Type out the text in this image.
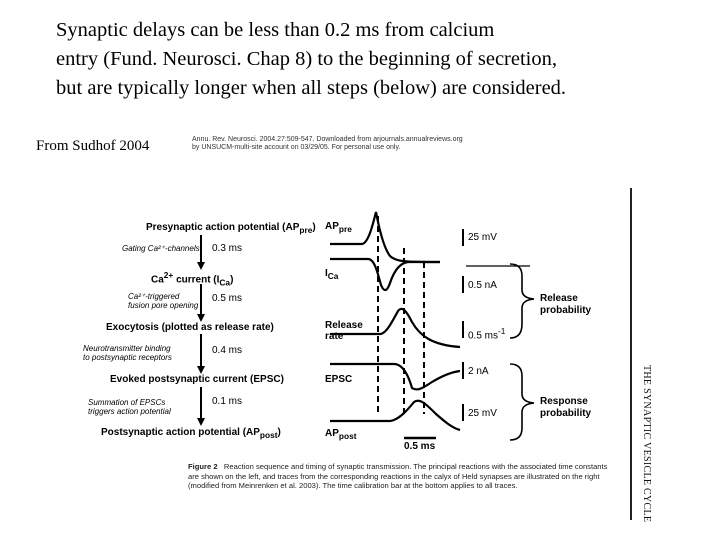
Synaptic delays can be less than 0.2 ms from calcium
entry (Fund. Neurosci. Chap 8) to the beginning of secretion,
but are typically longer when all steps (below) are considered.
From Sudhof 2004	Annu. Rev. Neurosci. 2004.27:509-547. Downloaded from arjournals.annualreviews.org
by UNSUCM-multi-site account on 03/29/05. For personal use only.
THE SYNAPTIC VESICLE CYCLE
Presynaptic action potential $(AP_{pre})$
$Ca^{2+}$ current $(I_{Ca})$
Exocytosis (plotted as release rate)
Evoked postsynaptic current (EPSC)
Postsynaptic action potential $(AP_{post})$
Gating Ca²⁺-channels
Ca²⁺-triggered
fusion pore opening
Neurotransmitter binding
to postsynaptic receptors
Summation of EPSCs
triggers action potential
0.3 ms
0.5 ms
0.4 ms
0.1 ms
$AP_{pre}$
$I_{Ca}$
Release
rate
EPSC
$AP_{post}$
25 mV
0.5 nA
0.5 $ms^{-1}$
2 nA
25 mV
0.5 ms
Release
probability
Response
probability
Figure 2 Reaction sequence and timing of synaptic transmission. The principal reactions with the associated time constants are shown on the left, and traces from the corresponding reactions in the calyx of Held synapses are illustrated on the right (modified from Meinrenken et al. 2003). The time calibration bar at the bottom applies to all traces.
